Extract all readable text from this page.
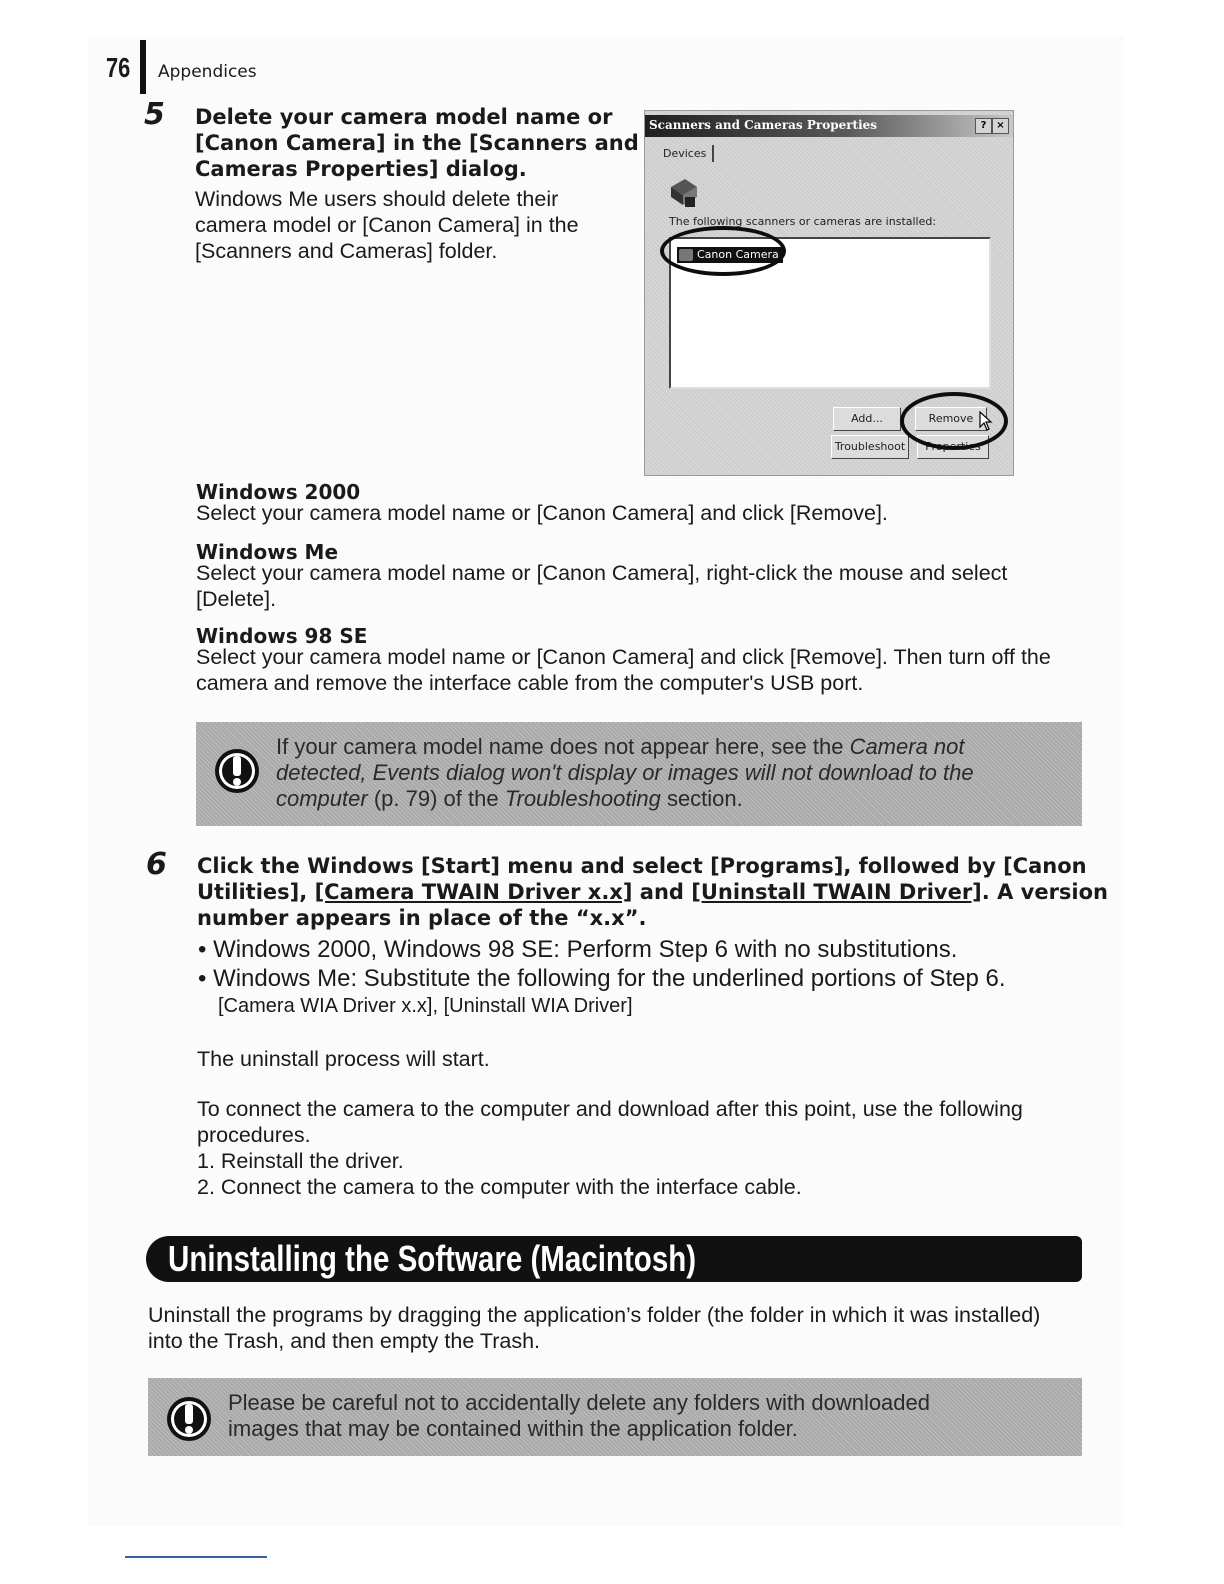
76 Appendices
5 Delete your camera model name or
[Canon Camera] in the [Scanners and
Cameras Properties] dialog.
Windows Me users should delete their
camera model or [Canon Camera] in the
[Scanners and Cameras] folder.
Scanners and Cameras Properties	? ×
Devices
The following scanners or cameras are installed:
Canon Camera
Add...	Remove
Troubleshoot	Properties
Windows 2000
Select your camera model name or [Canon Camera] and click [Remove].
Windows Me
Select your camera model name or [Canon Camera], right-click the mouse and select
[Delete].
Windows 98 SE
Select your camera model name or [Canon Camera] and click [Remove]. Then turn off the
camera and remove the interface cable from the computer's USB port.
If your camera model name does not appear here, see the Camera not
detected, Events dialog won't display or images will not download to the
computer (p. 79) of the Troubleshooting section.
6 Click the Windows [Start] menu and select [Programs], followed by [Canon
Utilities], [Camera TWAIN Driver x.x] and [Uninstall TWAIN Driver]. A version
number appears in place of the “x.x”.
• Windows 2000, Windows 98 SE: Perform Step 6 with no substitutions.
• Windows Me: Substitute the following for the underlined portions of Step 6.
[Camera WIA Driver x.x], [Uninstall WIA Driver]
The uninstall process will start.
To connect the camera to the computer and download after this point, use the following
procedures.
1. Reinstall the driver.
2. Connect the camera to the computer with the interface cable.
Uninstalling the Software (Macintosh)
Uninstall the programs by dragging the application’s folder (the folder in which it was installed)
into the Trash, and then empty the Trash.
Please be careful not to accidentally delete any folders with downloaded
images that may be contained within the application folder.
